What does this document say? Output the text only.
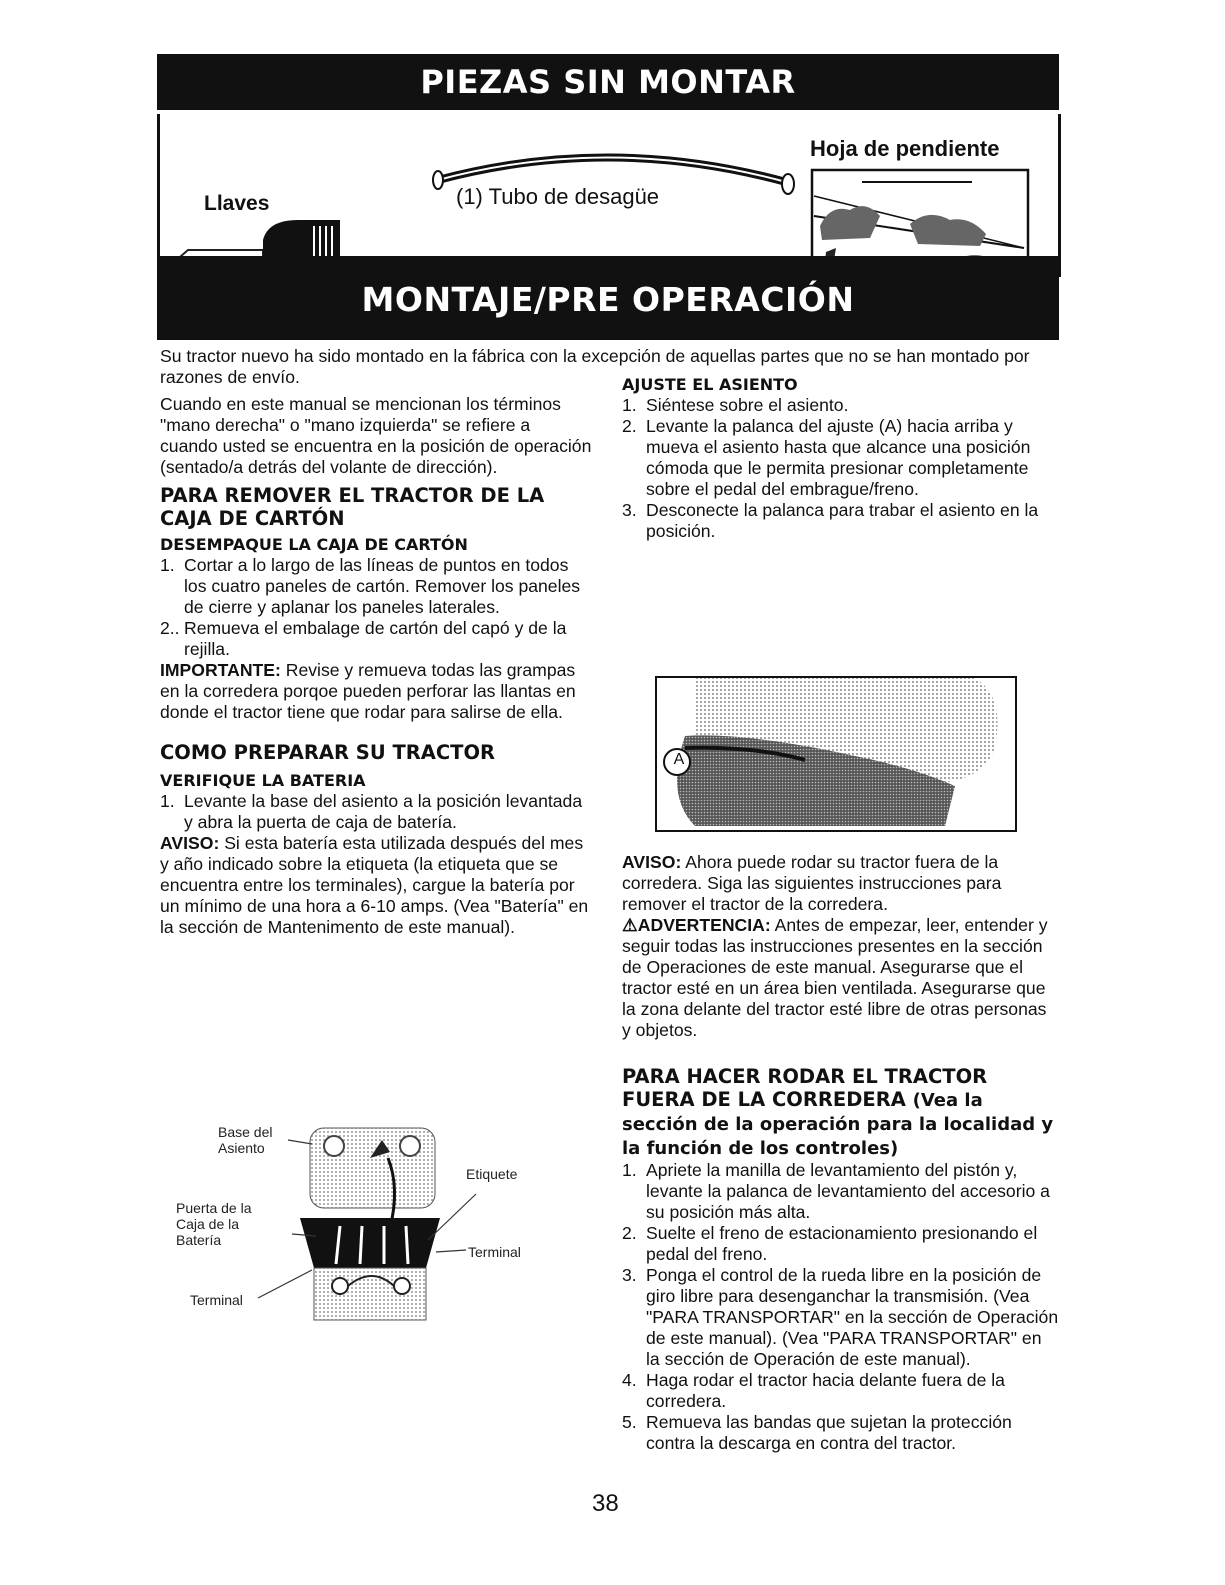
PIEZAS SIN MONTAR
Llaves	(1) Tubo de desagüe
Hoja de pendiente
MONTAJE/PRE OPERACIÓN
Su tractor nuevo ha sido montado en la fábrica con la excepción de aquellas partes que no se han montado por razones de envío.
Cuando en este manual se mencionan los términos "mano derecha" o "mano izquierda" se refiere a cuando usted se encuentra en la posición de operación (sentado/a detrás del volante de dirección).
PARA REMOVER EL TRACTOR DE LA CAJA DE CARTÓN
DESEMPAQUE LA CAJA DE CARTÓN
1. Cortar a lo largo de las líneas de puntos en todos los cuatro paneles de cartón. Remover los paneles de cierre y aplanar los paneles laterales.
2.. Remueva el embalage de cartón del capó y de la rejilla.
IMPORTANTE: Revise y remueva todas las grampas en la corredera porqoe pueden perforar las llantas en donde el tractor tiene que rodar para salirse de ella.
COMO PREPARAR SU TRACTOR
VERIFIQUE LA BATERIA
1. Levante la base del asiento a la posición levantada y abra la puerta de caja de batería.
AVISO: Si esta batería esta utilizada después del mes y año indicado sobre la etiqueta (la etiqueta que se encuentra entre los terminales), cargue la batería por un mínimo de una hora a 6-10 amps. (Vea "Batería" en la sección de Mantenimento de este manual).
Base del Asiento
Puerta de la Caja de la Batería
Terminal
Etiquete
Terminal
AJUSTE EL ASIENTO
1. Siéntese sobre el asiento.
2. Levante la palanca del ajuste (A) hacia arriba y mueva el asiento hasta que alcance una posición cómoda que le permita presionar completamente sobre el pedal del embrague/freno.
3. Desconecte la palanca para trabar el asiento en la posición.
A
AVISO: Ahora puede rodar su tractor fuera de la corredera. Siga las siguientes instrucciones para remover el tractor de la corredera.
⚠ADVERTENCIA: Antes de empezar, leer, entender y seguir todas las instrucciones presentes en la sección de Operaciones de este manual. Asegurarse que el tractor esté en un área bien ventilada. Asegurarse que la zona delante del tractor esté libre de otras personas y objetos.
PARA HACER RODAR EL TRACTOR FUERA DE LA CORREDERA (Vea la sección de la operación para la localidad y la función de los controles)
1. Apriete la manilla de levantamiento del pistón y, levante la palanca de levantamiento del accesorio a su posición más alta.
2. Suelte el freno de estacionamiento presionando el pedal del freno.
3. Ponga el control de la rueda libre en la posición de giro libre para desenganchar la transmisión. (Vea "PARA TRANSPORTAR" en la sección de Operación de este manual). (Vea "PARA TRANSPORTAR" en la sección de Operación de este manual).
4. Haga rodar el tractor hacia delante fuera de la corredera.
5. Remueva las bandas que sujetan la protección contra la descarga en contra del tractor.
38
